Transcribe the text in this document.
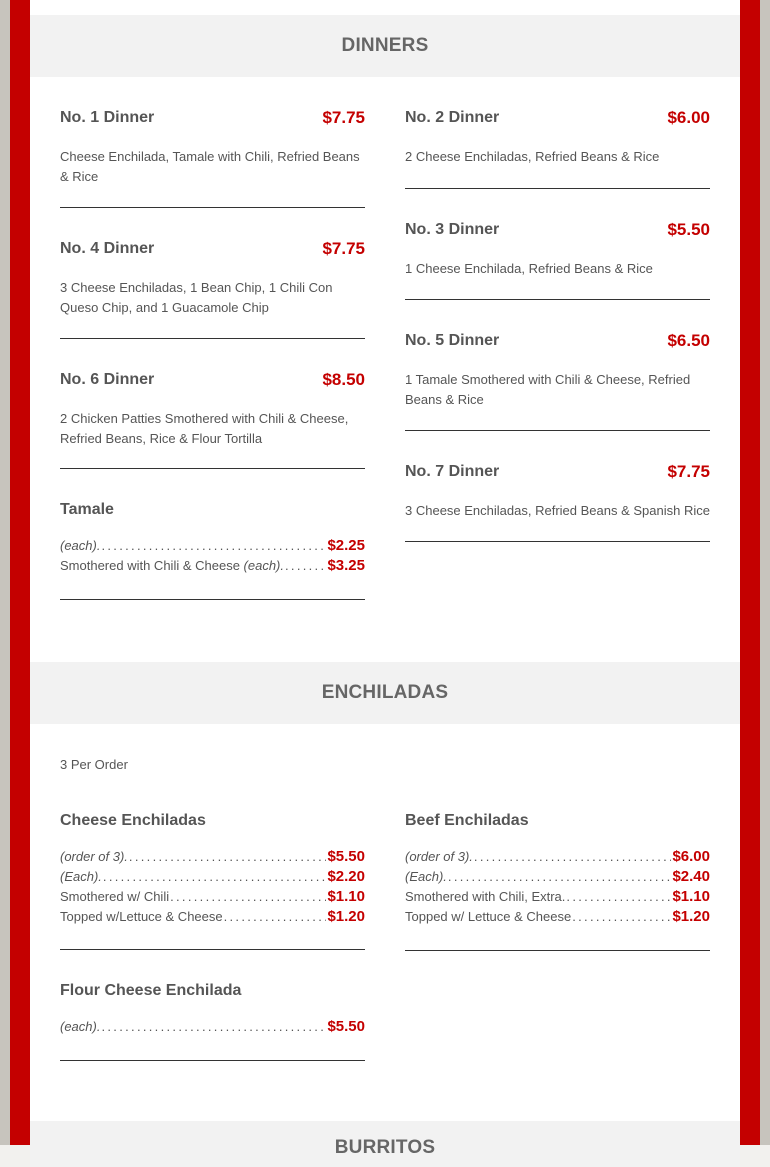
DINNERS
No. 1 Dinner	$7.75
Cheese Enchilada, Tamale with Chili, Refried Beans & Rice
No. 4 Dinner	$7.75
3 Cheese Enchiladas, 1 Bean Chip, 1 Chili Con Queso Chip, and 1 Guacamole Chip
No. 6 Dinner	$8.50
2 Chicken Patties Smothered with Chili & Cheese, Refried Beans, Rice & Flour Tortilla
Tamale
(each). .....	$2.25
Smothered with Chili & Cheese (each). .....	$3.25
No. 2 Dinner	$6.00
2 Cheese Enchiladas, Refried Beans & Rice
No. 3 Dinner	$5.50
1 Cheese Enchilada, Refried Beans & Rice
No. 5 Dinner	$6.50
1 Tamale Smothered with Chili & Cheese, Refried Beans & Rice
No. 7 Dinner	$7.75
3 Cheese Enchiladas, Refried Beans & Spanish Rice
ENCHILADAS
3 Per Order
Cheese Enchiladas
(order of 3). .....	$5.50
(Each). .....	$2.20
Smothered w/ Chili .....	$1.10
Topped w/Lettuce & Cheese .....	$1.20
Flour Cheese Enchilada
(each). .....	$5.50
Beef Enchiladas
(order of 3). .....	$6.00
(Each). .....	$2.40
Smothered with Chili, Extra. .....	$1.10
Topped w/ Lettuce & Cheese .....	$1.20
BURRITOS
